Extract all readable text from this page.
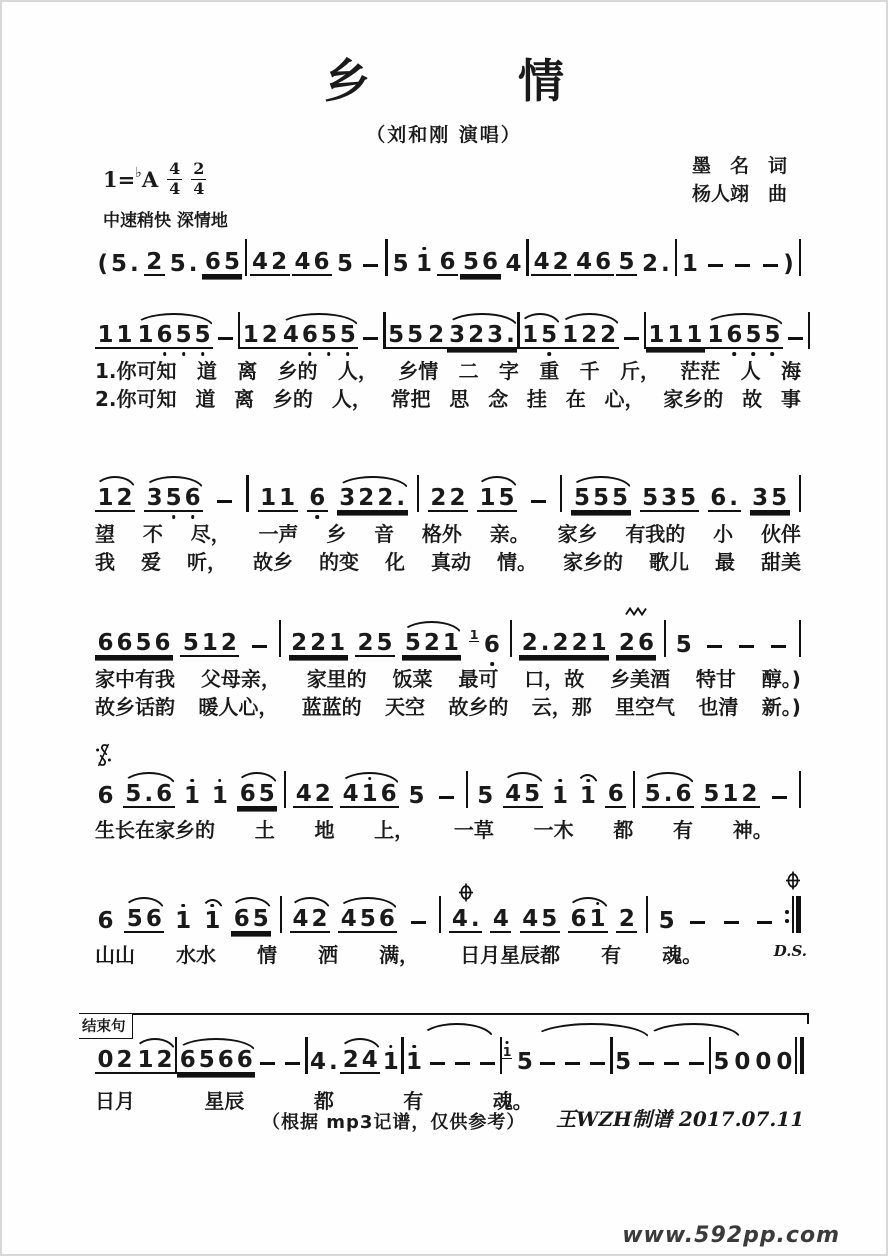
乡	情
（刘和刚 演唱）
1= ♭ A $\frac{4}{4} \frac{2}{4}$
中速稍快 深情地
墨　名　词
杨人翊　曲
( 5 . 2 5 . 6 5 4 2 4 6 5 5 1 6 5 6 4 4 2 4 6 5 2 . 1	)
1 1 1 6 5 5 1 2 4 6 5 5 5 5 2 3 2 3 . 1 5 1 2 2 1 1 1 1 6 5 5
1.你可知 道 离 乡的 人， 乡情 二 字 重 千 斤， 茫茫 人 海
2.你可知 道 离 乡的 人， 常把 思 念 挂 在 心， 家乡的 故 事
1 2 3 5 6	1 1 6 3 2 2 . 2 2 1 5	5 5 5 5 3 5 6 . 3 5
望 不 尽， 一声 乡 音 格外 亲。 家乡 有我的 小 伙伴
我 爱 听， 故乡 的变 化 真动 情。 家乡的 歌儿 最 甜美
6 6 5 6 5 1 2 2 2 1 2 5 5 2 1 1 6 2 . 2 2 1 2 6 5
家中有我 父母亲， 家里的 饭菜 最可 口，故 乡美酒 特甘 醇。)
故乡话韵 暖人心， 蓝蓝的 天空 故乡的 云，那 里空气 也清 新。)
6 5 . 6 1 1 6 5 4 2 4 1 6 5 5 4 5 1 1 6 5 . 6 5 1 2
生长在家乡的 土 地 上， 一草 一木 都 有 神。
6 5 6 1 1 6 5 4 2 4 5 6 4 . 4 4 5 6 1 2 5
山山 水水 情 洒 满， 日月星辰都 有 魂。	D.S.
结束句
0 2 1 2 6 5 6 6 4 . 2 4 1 1	1 5	5	5 0 0 0
日月	星辰	都	有	魂。
（根据 mp3记谱，仅供参考） 王WZH制谱 2017.07.11
www.592pp.com
